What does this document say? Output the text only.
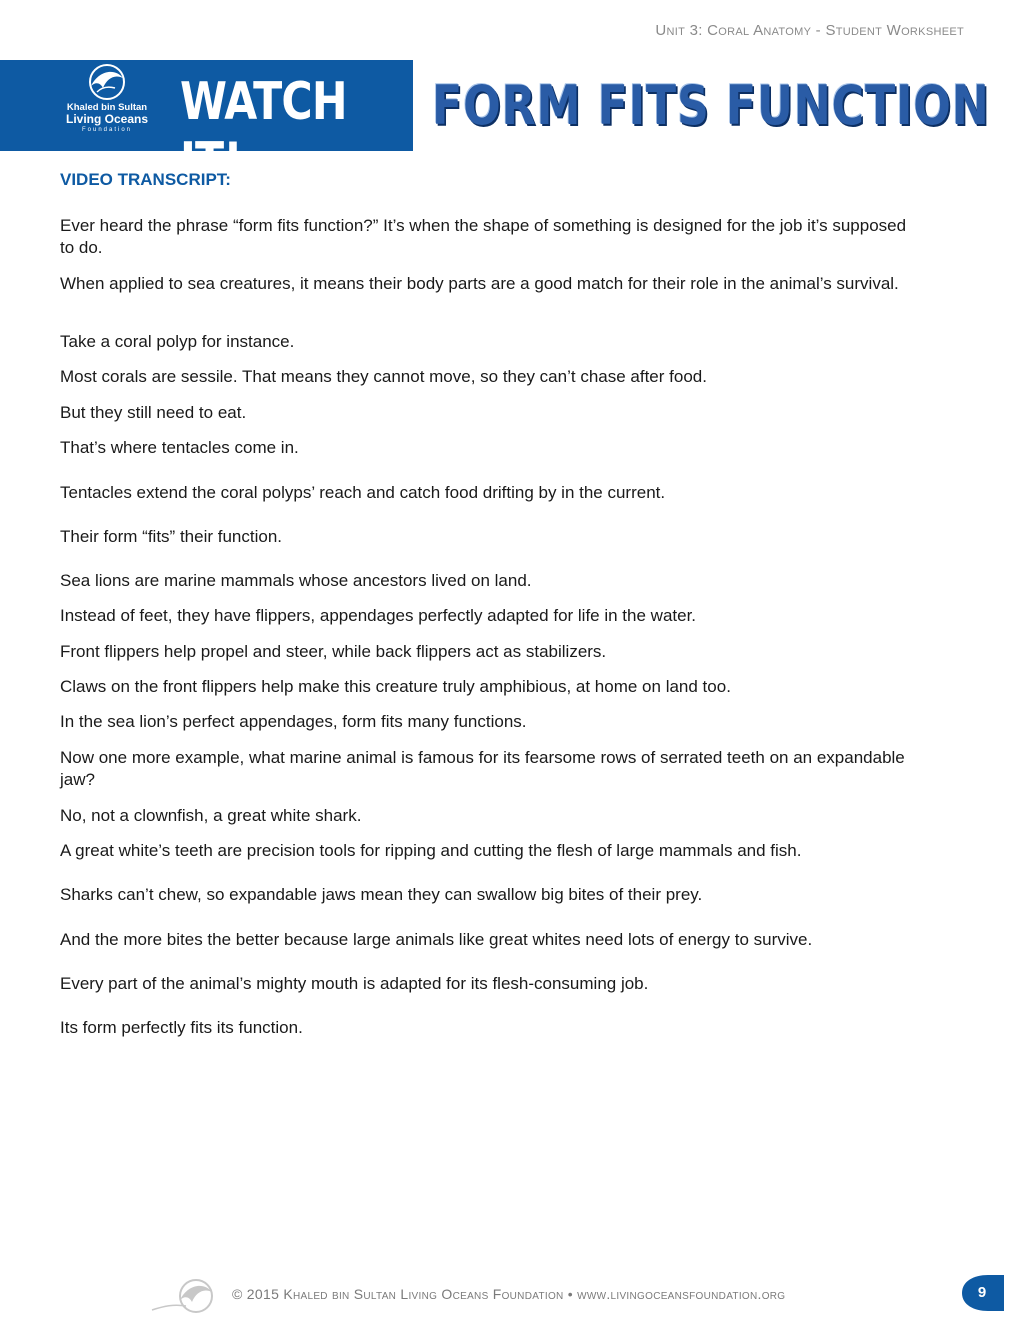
Unit 3: Coral Anatomy - Student Worksheet
Khaled bin Sultan
Living Oceans
Foundation WATCH IT!
FORM FITS FUNCTION
VIDEO TRANSCRIPT:

Ever heard the phrase “form fits function?” It’s when the shape of something is designed for the job it’s supposed to do.

When applied to sea creatures, it means their body parts are a good match for their role in the animal’s survival.

Take a coral polyp for instance.

Most corals are sessile. That means they cannot move, so they can’t chase after food.

But they still need to eat.

That’s where tentacles come in.

Tentacles extend the coral polyps’ reach and catch food drifting by in the current.

Their form “fits” their function.

Sea lions are marine mammals whose ancestors lived on land.

Instead of feet, they have flippers, appendages perfectly adapted for life in the water.

Front flippers help propel and steer, while back flippers act as stabilizers.

Claws on the front flippers help make this creature truly amphibious, at home on land too.

In the sea lion’s perfect appendages, form fits many functions.

Now one more example, what marine animal is famous for its fearsome rows of serrated teeth on an expandable jaw?

No, not a clownfish, a great white shark.

A great white’s teeth are precision tools for ripping and cutting the flesh of large mammals and fish.

Sharks can’t chew, so expandable jaws mean they can swallow big bites of their prey.

And the more bites the better because large animals like great whites need lots of energy to survive.

Every part of the animal’s mighty mouth is adapted for its flesh-consuming job.

Its form perfectly fits its function.

© 2015 Khaled bin Sultan Living Oceans Foundation • www.livingoceansfoundation.org	9
